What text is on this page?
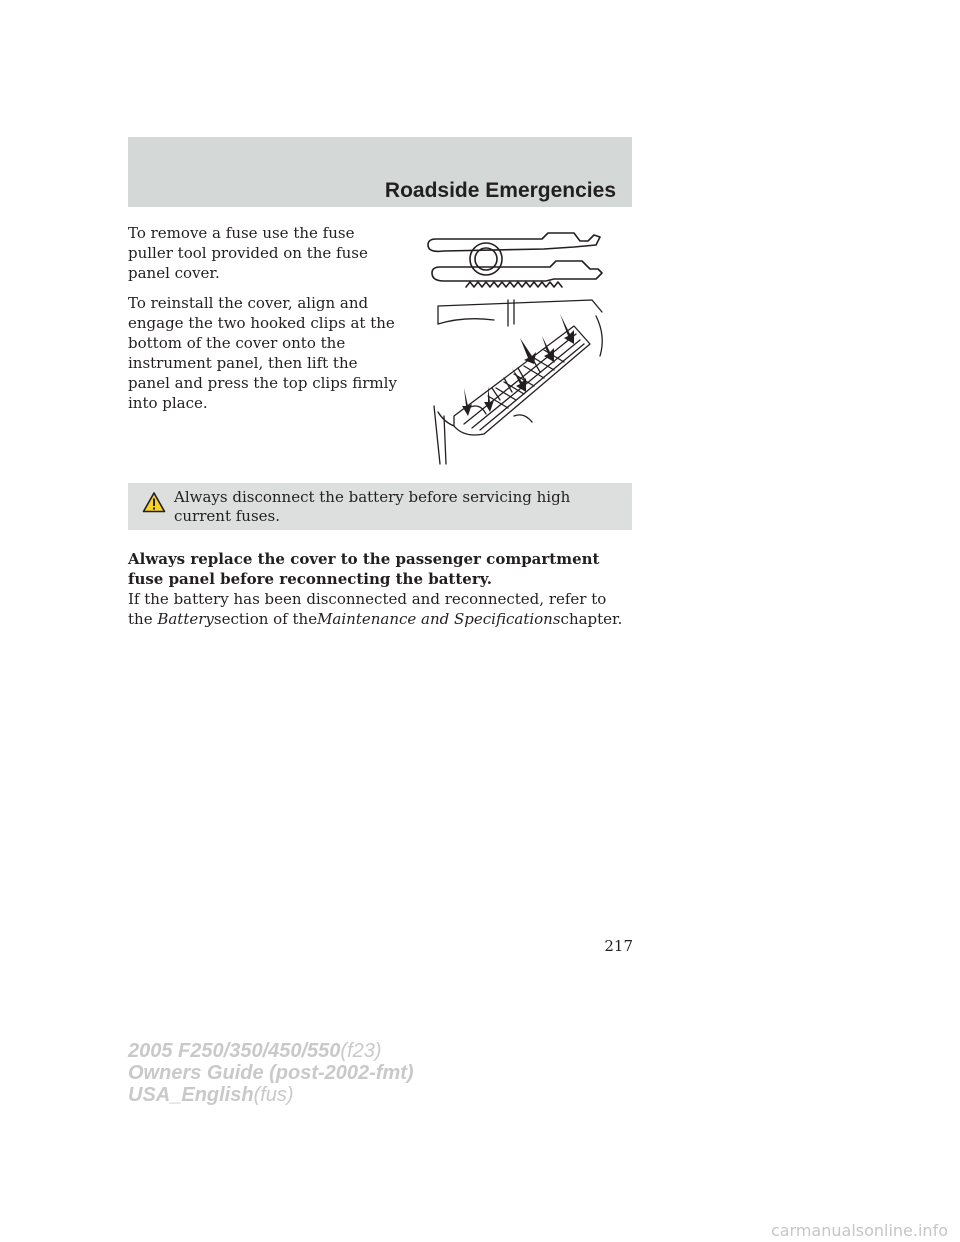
Roadside Emergencies

To remove a fuse use the fuse puller tool provided on the fuse panel cover.

To reinstall the cover, align and engage the two hooked clips at the bottom of the cover onto the instrument panel, then lift the panel and press the top clips firmly into place.

Always disconnect the battery before servicing high current fuses.

Always replace the cover to the passenger compartment fuse panel before reconnecting the battery.

If the battery has been disconnected and reconnected, refer to the Batterysection of theMaintenance and Specificationschapter.

217
2005 F250/350/450/550(f23)
Owners Guide (post-2002-fmt)
USA_English(fus)
carmanualsonline.info
